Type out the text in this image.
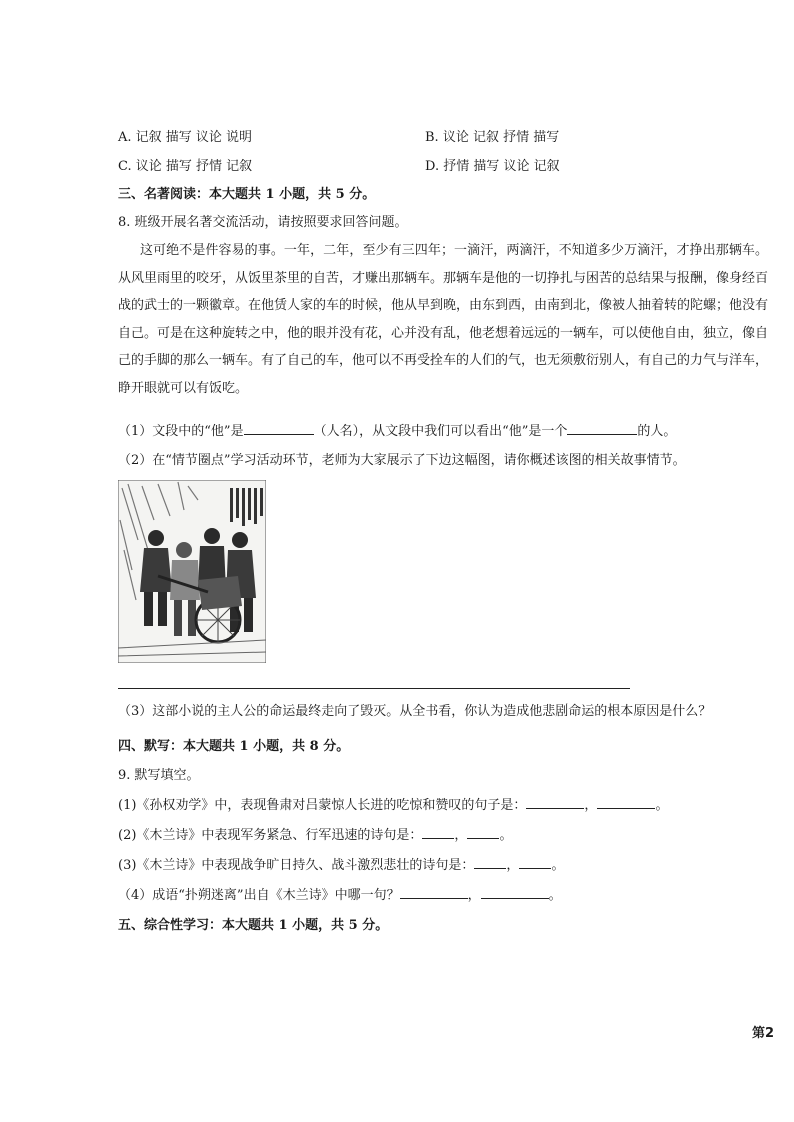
A. 记叙 描写 议论 说明	B. 议论 记叙 抒情 描写
C. 议论 描写 抒情 记叙	D. 抒情 描写 议论 记叙
三、名著阅读：本大题共 1 小题，共 5 分。
8. 班级开展名著交流活动，请按照要求回答问题。

这可绝不是件容易的事。一年，二年，至少有三四年；一滴汗，两滴汗，不知道多少万滴汗，才挣出那辆车。从风里雨里的咬牙，从饭里茶里的自苦，才赚出那辆车。那辆车是他的一切挣扎与困苦的总结果与报酬，像身经百战的武士的一颗徽章。在他赁人家的车的时候，他从早到晚，由东到西，由南到北，像被人抽着转的陀螺；他没有自己。可是在这种旋转之中，他的眼并没有花，心并没有乱，他老想着远远的一辆车，可以使他自由，独立，像自己的手脚的那么一辆车。有了自己的车，他可以不再受拴车的人们的气，也无须敷衍别人，有自己的力气与洋车，睁开眼就可以有饭吃。

（1）文段中的“他”是	（人名），从文段中我们可以看出“他”是一个	的人。
（2）在“情节圈点”学习活动环节，老师为大家展示了下边这幅图，请你概述该图的相关故事情节。
（3）这部小说的主人公的命运最终走向了毁灭。从全书看，你认为造成他悲剧命运的根本原因是什么？
四、默写：本大题共 1 小题，共 8 分。
9. 默写填空。
(1)《孙权劝学》中，表现鲁肃对吕蒙惊人长进的吃惊和赞叹的句子是：	，	。
(2)《木兰诗》中表现军务紧急、行军迅速的诗句是： ， 。
(3)《木兰诗》中表现战争旷日持久、战斗激烈悲壮的诗句是： ， 。
（4）成语“扑朔迷离”出自《木兰诗》中哪一句？	，	。
五、综合性学习：本大题共 1 小题，共 5 分。
第2
